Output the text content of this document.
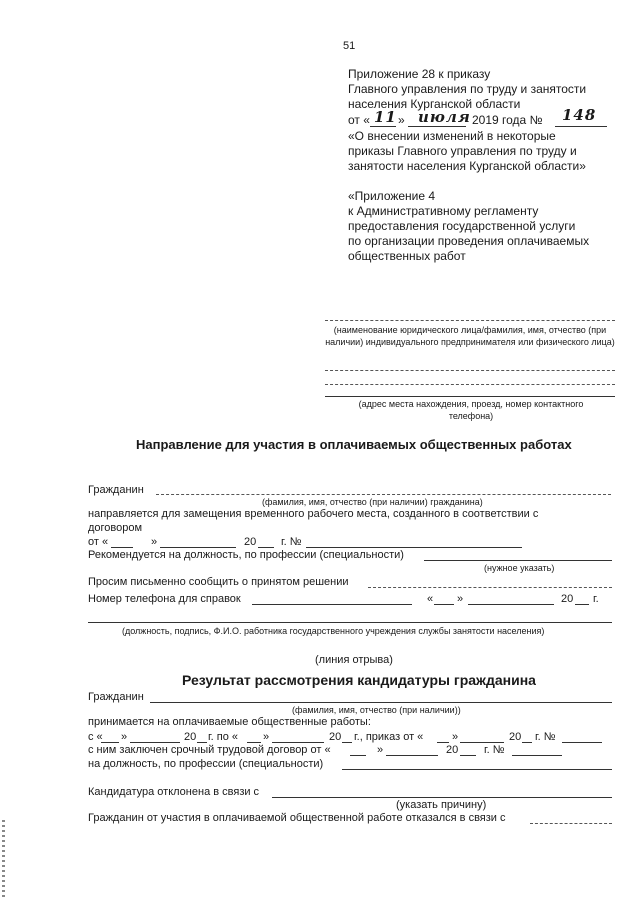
51
Приложение 28 к приказу
Главного управления по труду и занятости
населения Курганской области
от « 11 » июля 2019 года № 148
«О внесении изменений в некоторые
приказы Главного управления по труду и
занятости населения Курганской области»
«Приложение 4
к Административному регламенту
предоставления государственной услуги
по организации проведения оплачиваемых
общественных работ
(наименование юридического лица/фамилия, имя, отчество (при наличии) индивидуального предпринимателя или физического лица)
(адрес места нахождения, проезд, номер контактного телефона)
Направление для участия в оплачиваемых общественных работах
Гражданин
(фамилия, имя, отчество (при наличии) гражданина)
направляется для замещения временного рабочего места, созданного в соответствии с
договором
от «	»	20 г. №
Рекомендуется на должность, по профессии (специальности)
(нужное указать)
Просим письменно сообщить о принятом решении
Номер телефона для справок	« »	20 г.
(должность, подпись, Ф.И.О. работника государственного учреждения службы занятости населения)
(линия отрыва)
Результат рассмотрения кандидатуры гражданина
Гражданин
(фамилия, имя, отчество (при наличии))
принимается на оплачиваемые общественные работы:
с « »	20 г. по « »	20 г., приказ от «	»	20 г. №
с ним заключен срочный трудовой договор от «	»	20 г. №
на должность, по профессии (специальности)
Кандидатура отклонена в связи с
(указать причину)
Гражданин от участия в оплачиваемой общественной работе отказался в связи с
